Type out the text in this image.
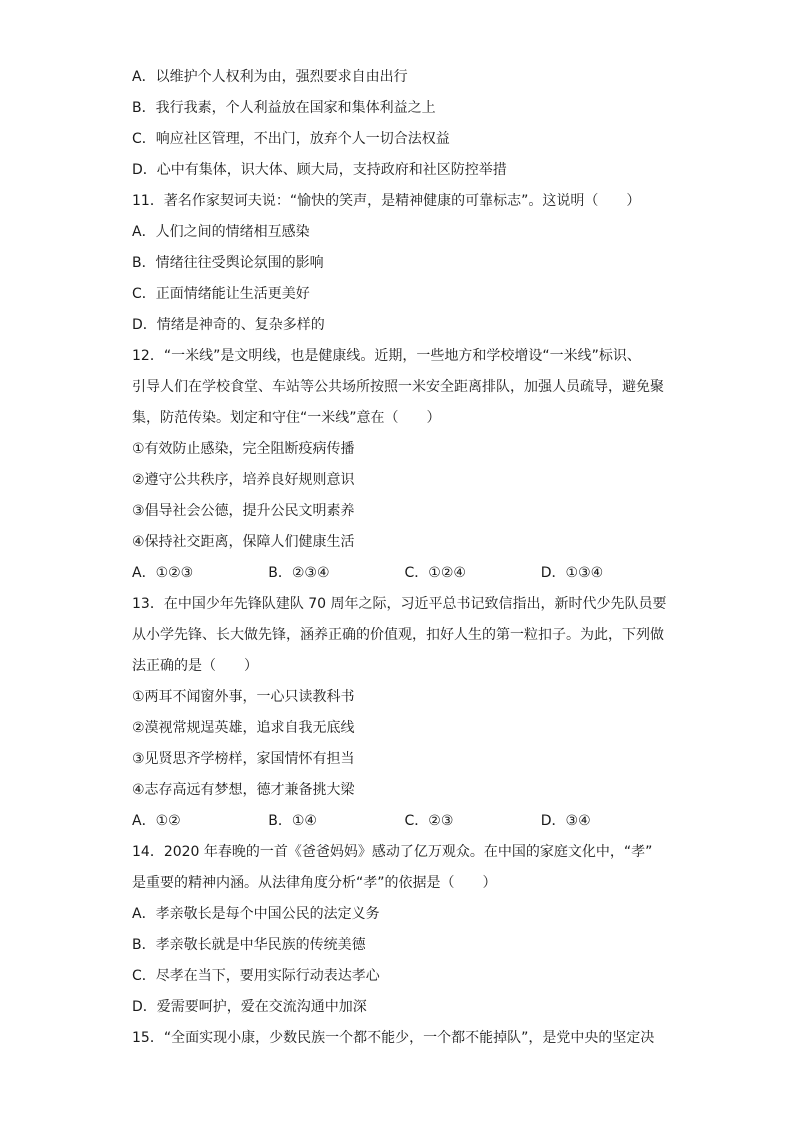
A．以维护个人权利为由，强烈要求自由出行
B．我行我素，个人利益放在国家和集体利益之上
C．响应社区管理，不出门，放弃个人一切合法权益
D．心中有集体，识大体、顾大局，支持政府和社区防控举措
11．著名作家契诃夫说：“愉快的笑声，是精神健康的可靠标志”。这说明（　　）
A．人们之间的情绪相互感染
B．情绪往往受舆论氛围的影响
C．正面情绪能让生活更美好
D．情绪是神奇的、复杂多样的
12．“一米线”是文明线，也是健康线。近期，一些地方和学校增设“一米线”标识、
引导人们在学校食堂、车站等公共场所按照一米安全距离排队，加强人员疏导，避免聚
集，防范传染。划定和守住“一米线”意在（　　）
①有效防止感染，完全阻断疫病传播
②遵守公共秩序，培养良好规则意识
③倡导社会公德，提升公民文明素养
④保持社交距离，保障人们健康生活
A．①②③	B．②③④	C．①②④	D．①③④
13．在中国少年先锋队建队 70 周年之际，习近平总书记致信指出，新时代少先队员要
从小学先锋、长大做先锋，涵养正确的价值观，扣好人生的第一粒扣子。为此，下列做
法正确的是（　　）
①两耳不闻窗外事，一心只读教科书
②漠视常规逞英雄，追求自我无底线
③见贤思齐学榜样，家国情怀有担当
④志存高远有梦想，德才兼备挑大梁
A．①②	B．①④	C．②③	D．③④
14．2020 年春晚的一首《爸爸妈妈》感动了亿万观众。在中国的家庭文化中，“孝”
是重要的精神内涵。从法律角度分析“孝”的依据是（　　）
A．孝亲敬长是每个中国公民的法定义务
B．孝亲敬长就是中华民族的传统美德
C．尽孝在当下，要用实际行动表达孝心
D．爱需要呵护，爱在交流沟通中加深
15．“全面实现小康，少数民族一个都不能少，一个都不能掉队”，是党中央的坚定决
